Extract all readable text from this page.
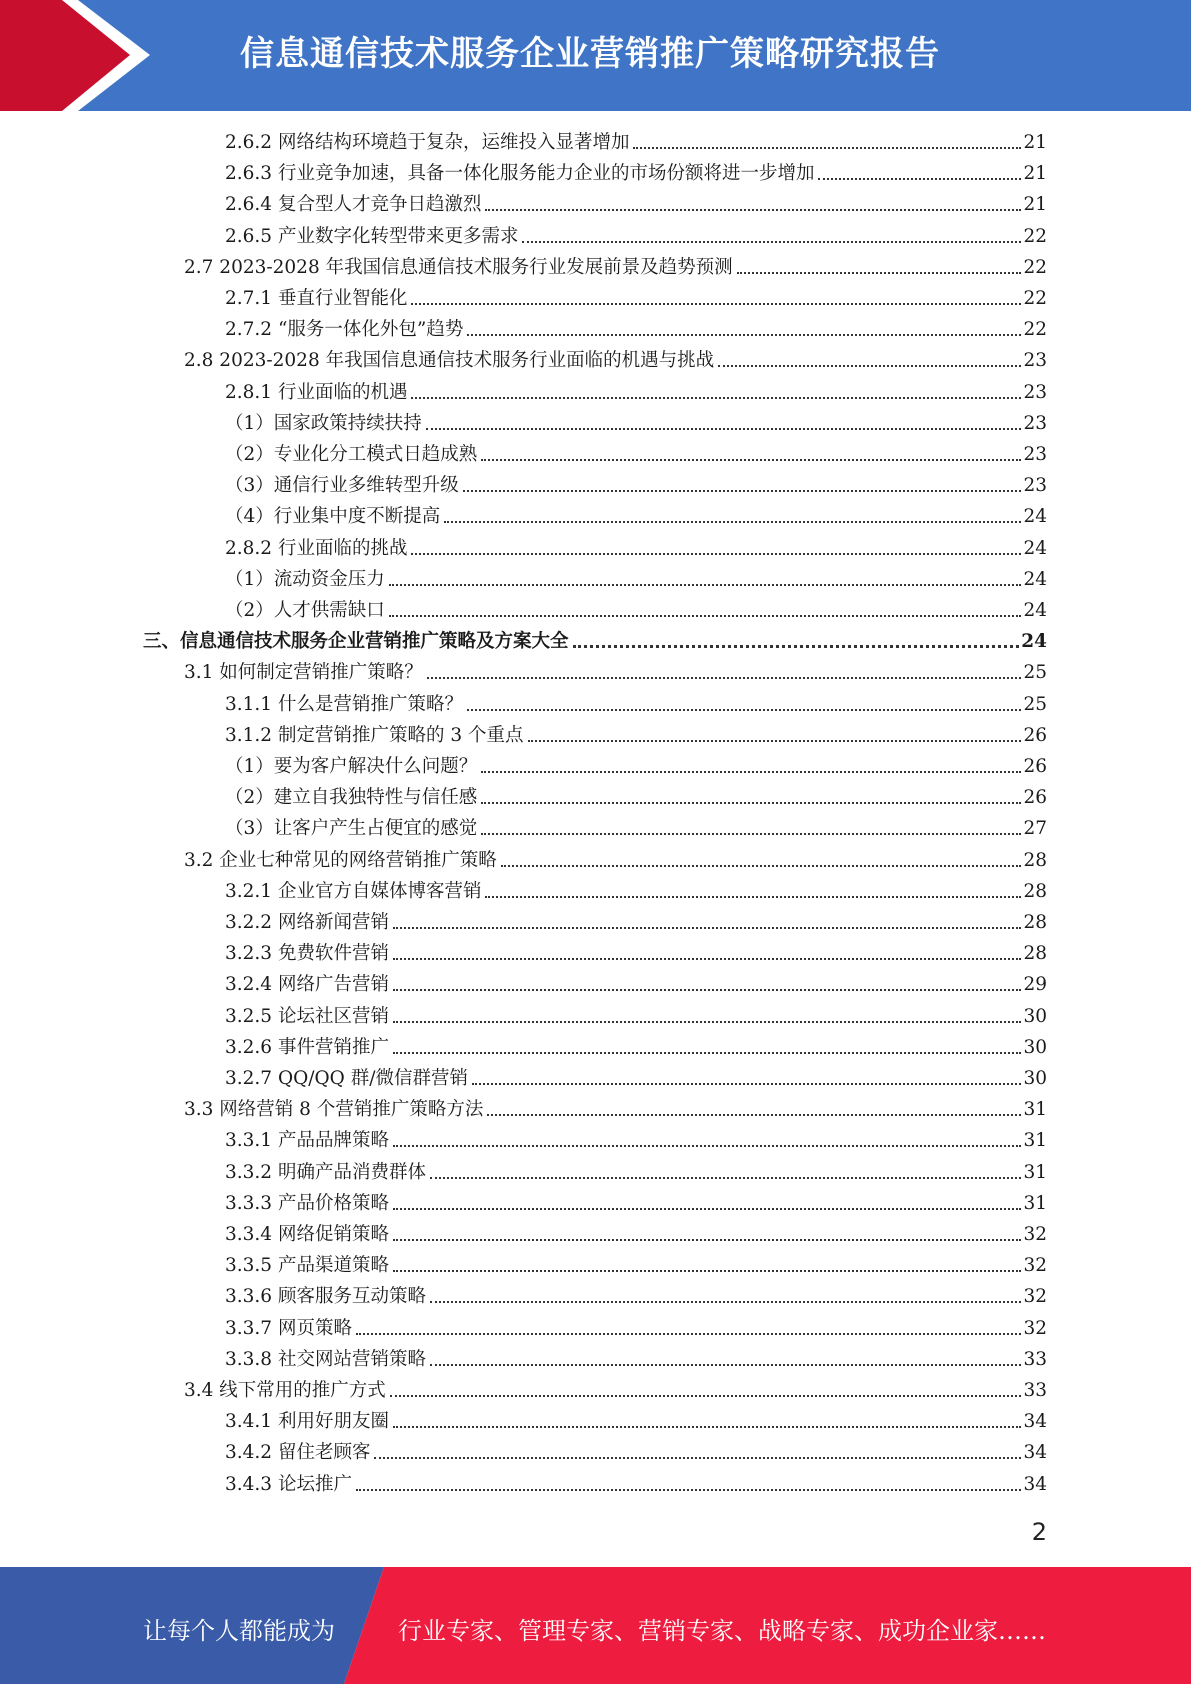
信息通信技术服务企业营销推广策略研究报告
2.6.2 网络结构环境趋于复杂，运维投入显著增加	21
2.6.3 行业竞争加速，具备一体化服务能力企业的市场份额将进一步增加	21
2.6.4 复合型人才竞争日趋激烈	21
2.6.5 产业数字化转型带来更多需求	22
2.7 2023-2028 年我国信息通信技术服务行业发展前景及趋势预测	22
2.7.1 垂直行业智能化	22
2.7.2 “服务一体化外包”趋势	22
2.8 2023-2028 年我国信息通信技术服务行业面临的机遇与挑战	23
2.8.1 行业面临的机遇	23
（1）国家政策持续扶持	23
（2）专业化分工模式日趋成熟	23
（3）通信行业多维转型升级	23
（4）行业集中度不断提高	24
2.8.2 行业面临的挑战	24
（1）流动资金压力	24
（2）人才供需缺口	24
三、信息通信技术服务企业营销推广策略及方案大全	24
3.1 如何制定营销推广策略？	25
3.1.1 什么是营销推广策略？	25
3.1.2 制定营销推广策略的 3 个重点	26
（1）要为客户解决什么问题？	26
（2）建立自我独特性与信任感	26
（3）让客户产生占便宜的感觉	27
3.2 企业七种常见的网络营销推广策略	28
3.2.1 企业官方自媒体博客营销	28
3.2.2 网络新闻营销	28
3.2.3 免费软件营销	28
3.2.4 网络广告营销	29
3.2.5 论坛社区营销	30
3.2.6 事件营销推广	30
3.2.7 QQ/QQ 群/微信群营销	30
3.3 网络营销 8 个营销推广策略方法	31
3.3.1 产品品牌策略	31
3.3.2 明确产品消费群体	31
3.3.3 产品价格策略	31
3.3.4 网络促销策略	32
3.3.5 产品渠道策略	32
3.3.6 顾客服务互动策略	32
3.3.7 网页策略	32
3.3.8 社交网站营销策略	33
3.4 线下常用的推广方式	33
3.4.1 利用好朋友圈	34
3.4.2 留住老顾客	34
3.4.3 论坛推广	34
2
让每个人都能成为	行业专家、管理专家、营销专家、战略专家、成功企业家……
